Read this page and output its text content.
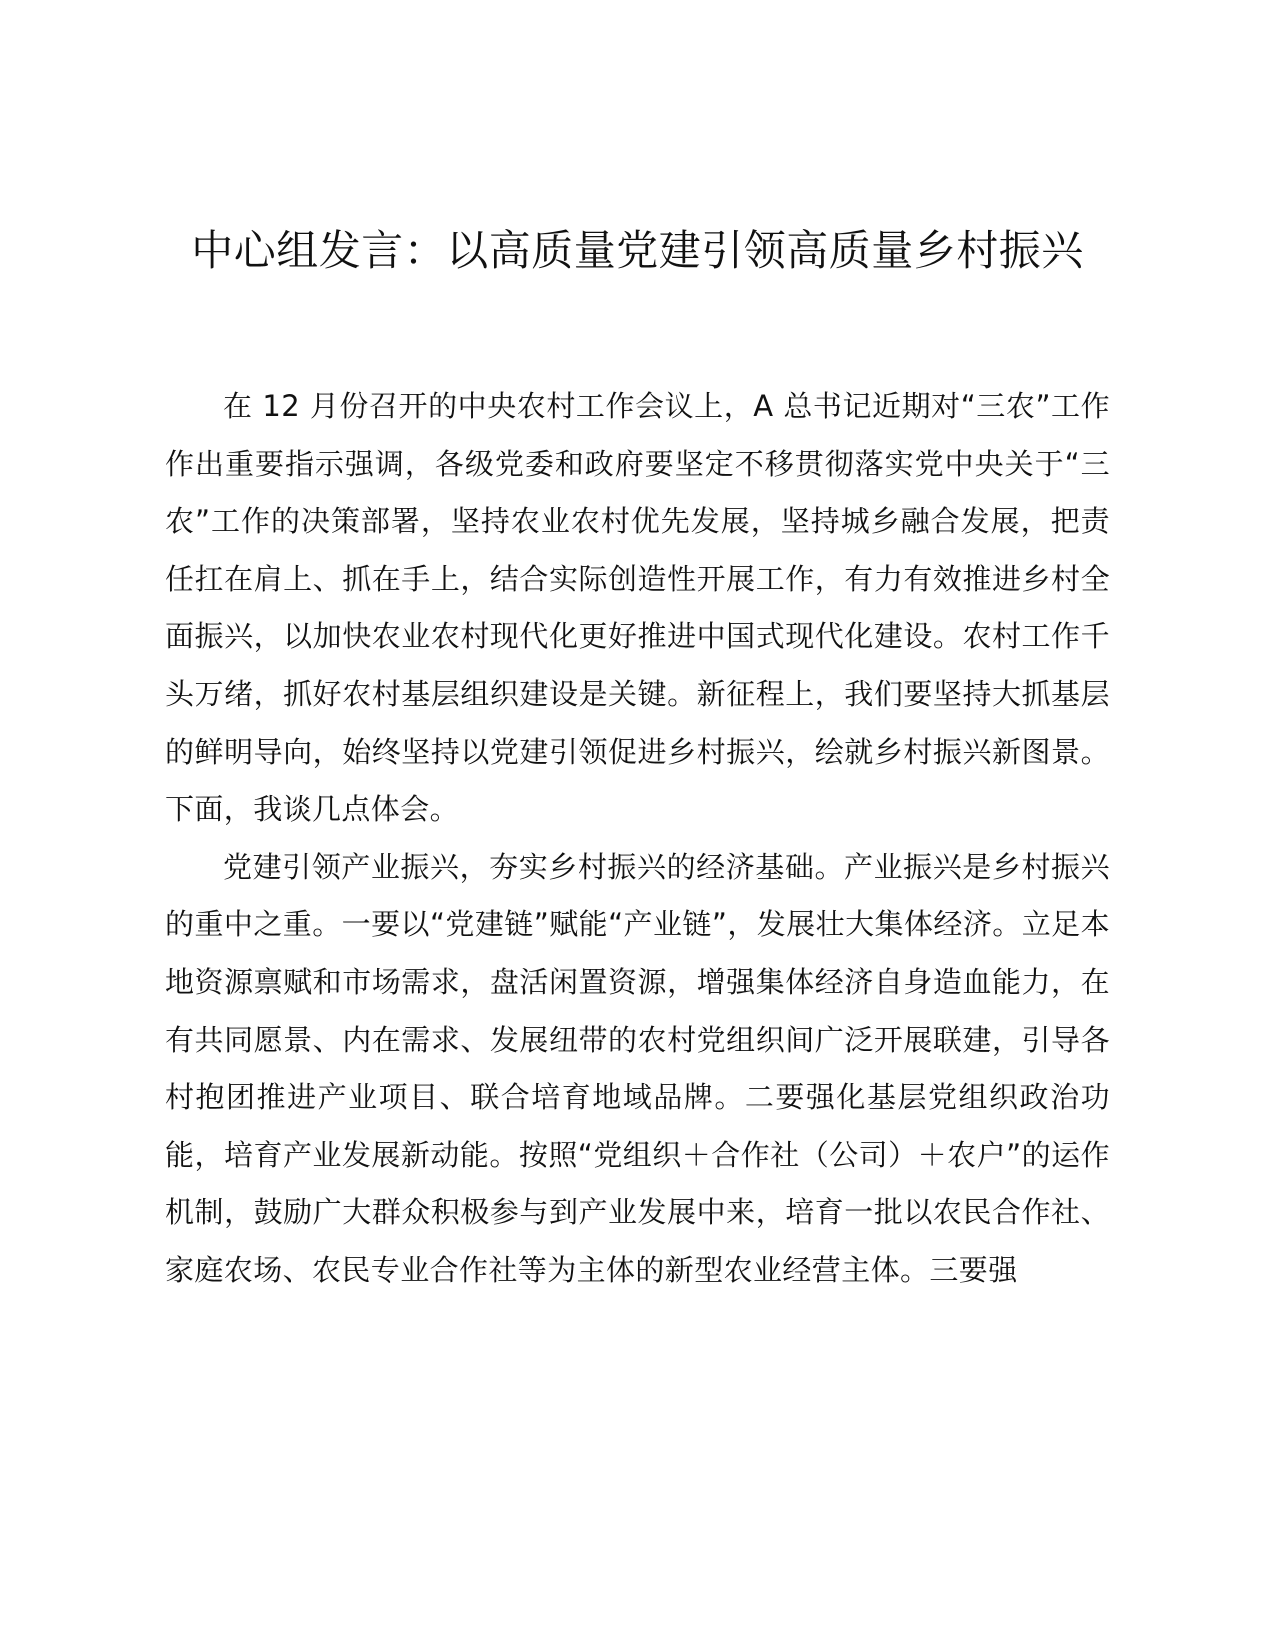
中心组发言：以高质量党建引领高质量乡村振兴

在 12 月份召开的中央农村工作会议上，A 总书记近期对“三农”工作作出重要指示强调，各级党委和政府要坚定不移贯彻落实党中央关于“三农”工作的决策部署，坚持农业农村优先发展，坚持城乡融合发展，把责任扛在肩上、抓在手上，结合实际创造性开展工作，有力有效推进乡村全面振兴，以加快农业农村现代化更好推进中国式现代化建设。农村工作千头万绪，抓好农村基层组织建设是关键。新征程上，我们要坚持大抓基层的鲜明导向，始终坚持以党建引领促进乡村振兴，绘就乡村振兴新图景。下面，我谈几点体会。

党建引领产业振兴，夯实乡村振兴的经济基础。产业振兴是乡村振兴的重中之重。一要以“党建链”赋能“产业链”，发展壮大集体经济。立足本地资源禀赋和市场需求，盘活闲置资源，增强集体经济自身造血能力，在有共同愿景、内在需求、发展纽带的农村党组织间广泛开展联建，引导各村抱团推进产业项目、联合培育地域品牌。二要强化基层党组织政治功能，培育产业发展新动能。按照“党组织＋合作社（公司）＋农户”的运作机制，鼓励广大群众积极参与到产业发展中来，培育一批以农民合作社、家庭农场、农民专业合作社等为主体的新型农业经营主体。三要强
